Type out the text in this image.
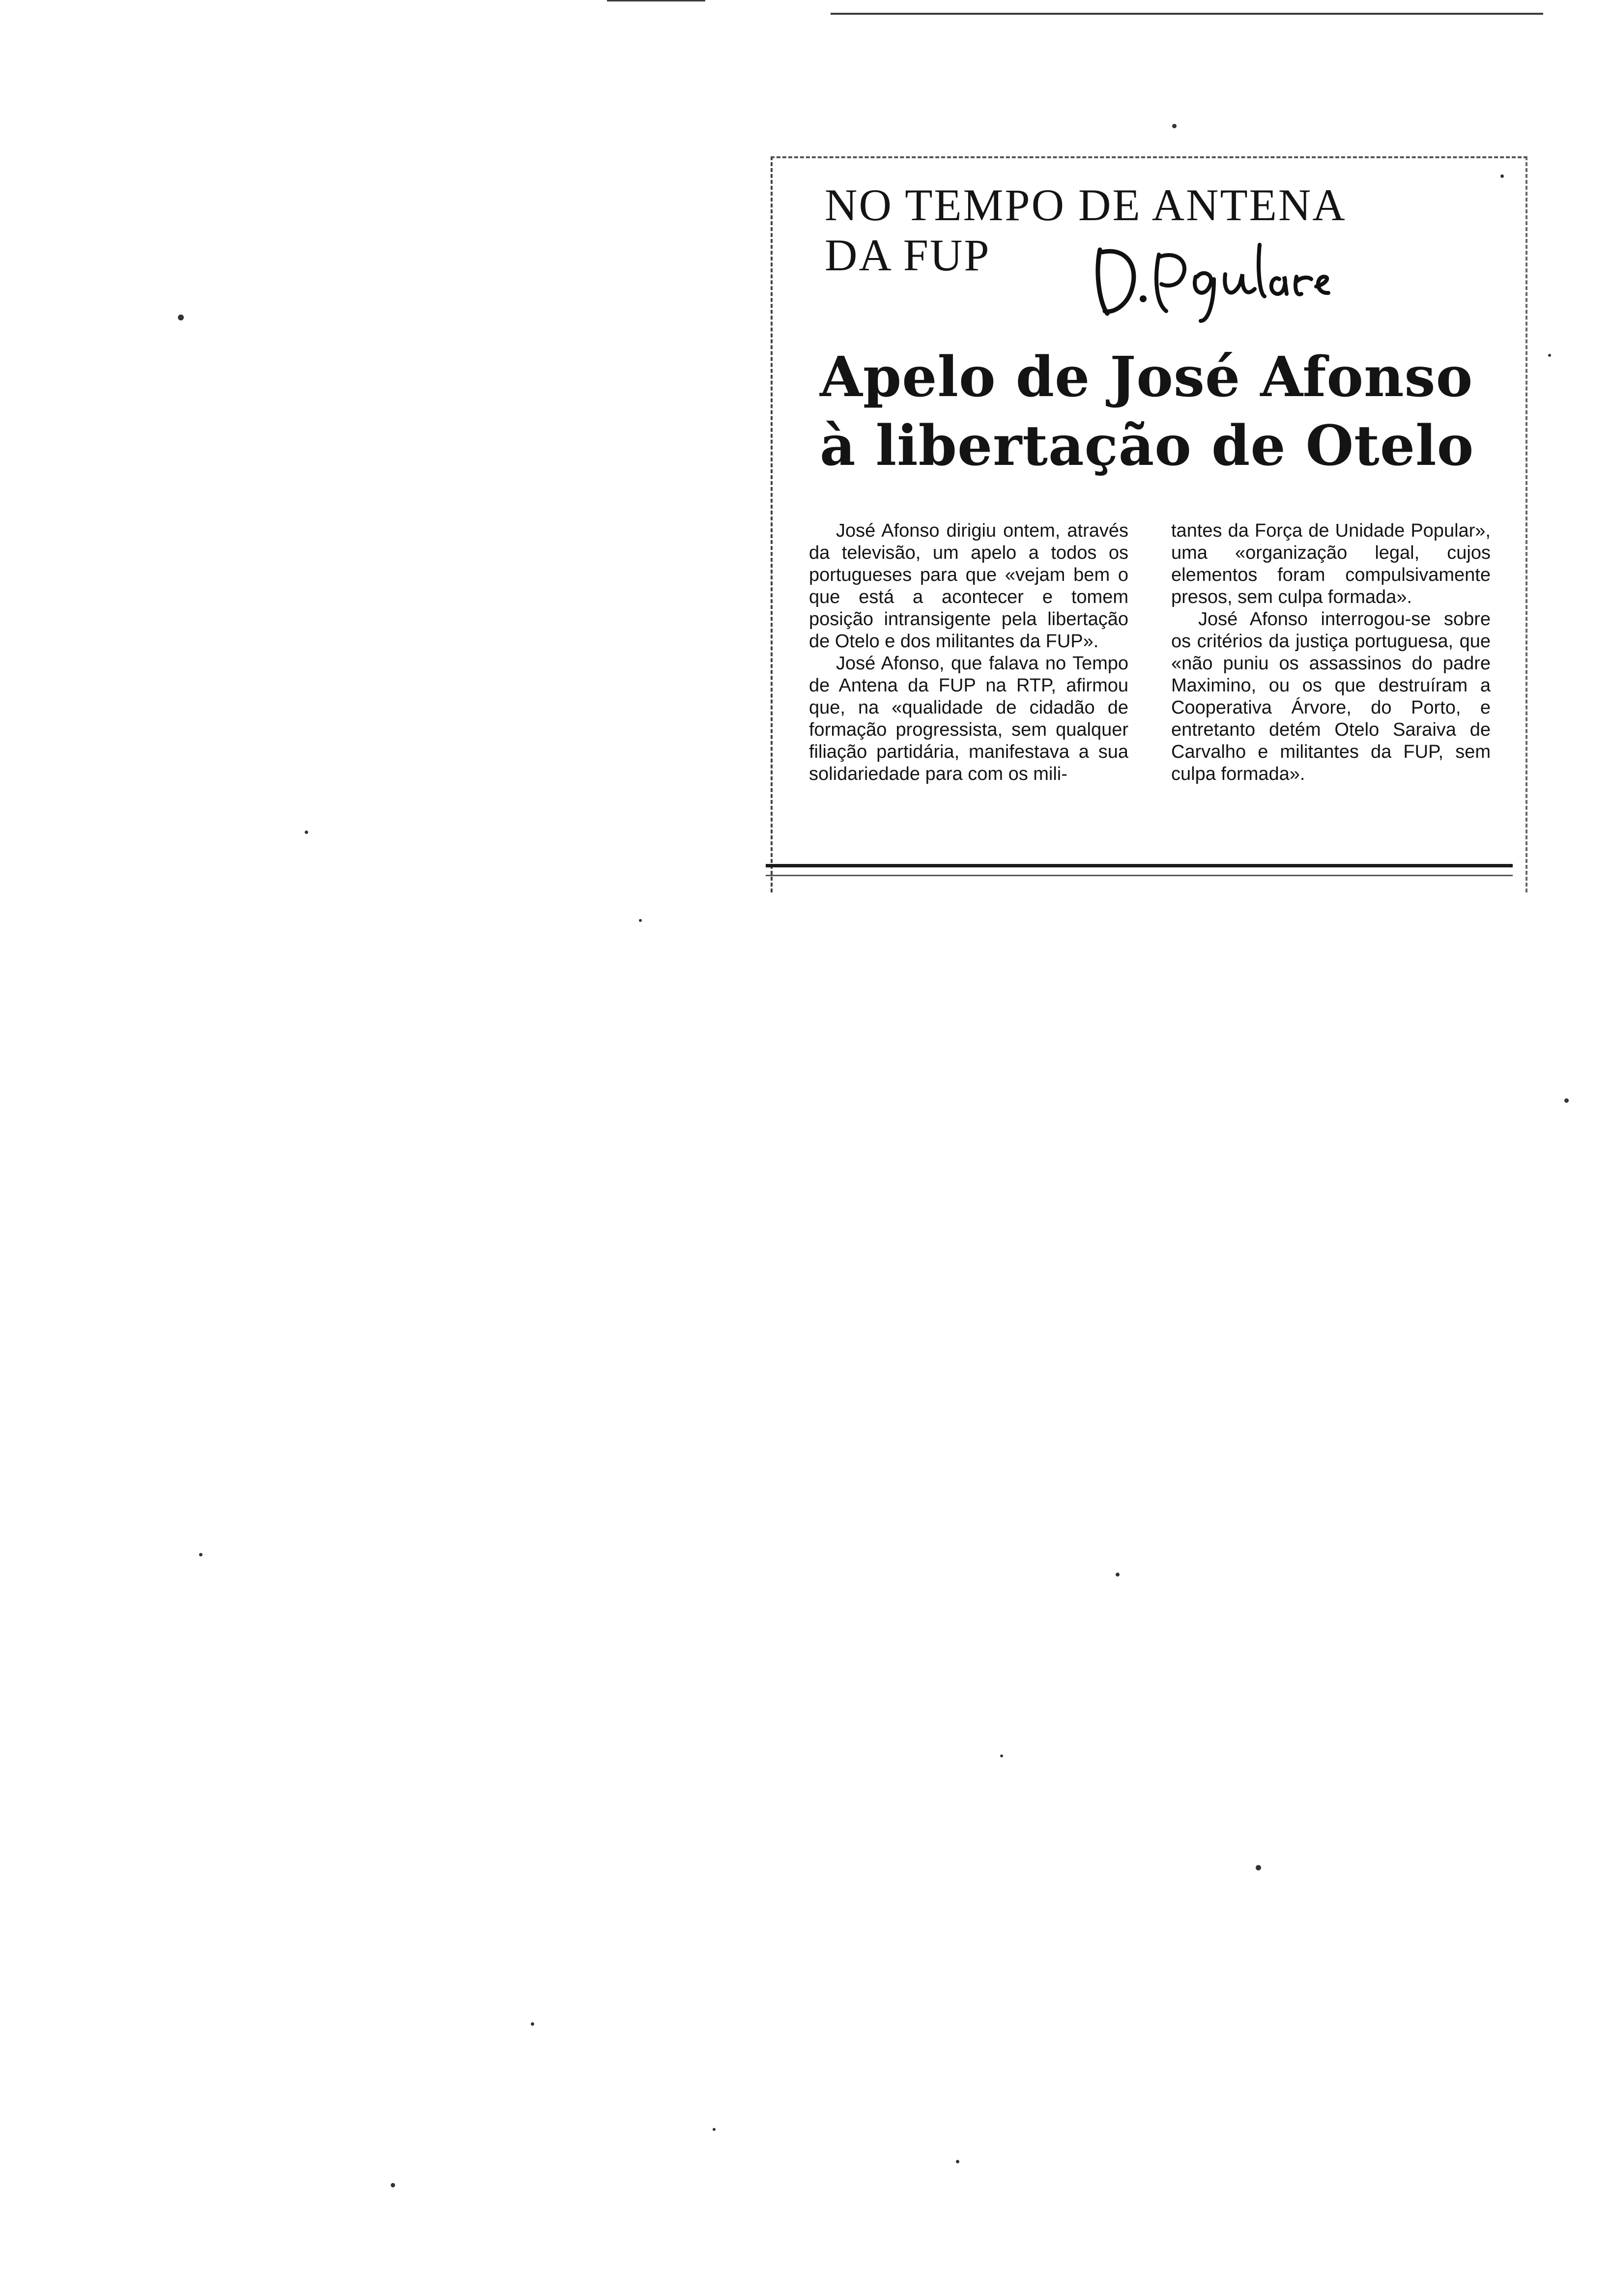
NO TEMPO DE ANTENA
DA FUP
Apelo de José Afonso
à libertação de Otelo

José Afonso dirigiu ontem, através da televisão, um apelo a todos os portugueses para que «vejam bem o que está a acontecer e tomem posição intransigente pela libertação de Otelo e dos militantes da FUP».

José Afonso, que falava no Tempo de Antena da FUP na RTP, afirmou que, na «qualidade de cidadão de formação progressista, sem qualquer filiação partidária, manifestava a sua solidariedade para com os mili-

tantes da Força de Unidade Popular», uma «organização legal, cujos elementos foram compulsivamente presos, sem culpa formada».

José Afonso interrogou-se sobre os critérios da justiça portuguesa, que «não puniu os assassinos do padre Maximino, ou os que destruíram a Cooperativa Árvore, do Porto, e entretanto detém Otelo Saraiva de Carvalho e militantes da FUP, sem culpa formada».
